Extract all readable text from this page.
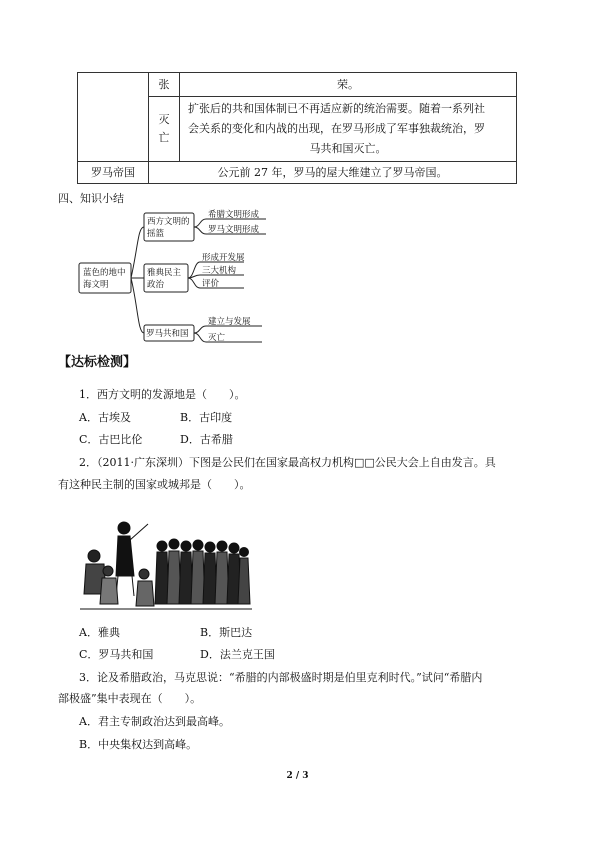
	张	荣。
	灭亡	扩张后的共和国体制已不再适应新的统治需要。随着一系列社
会关系的变化和内战的出现，在罗马形成了军事独裁统治，罗
马共和国灭亡。

罗马帝国	公元前 27 年，罗马的屋大维建立了罗马帝国。	
四、知识小结
蓝色的地中
海文明
西方文明的
摇篮
雅典民主
政治
罗马共和国
希腊文明形成
罗马文明形成
形成开发展
三大机构
评价
建立与发展
灭亡
【达标检测】
1．西方文明的发源地是（　　）。
A．古埃及	B．古印度
C．古巴比伦	D．古希腊
2．（2011·广东深圳）下图是公民们在国家最高权力机构□□公民大会上自由发言。具
有这种民主制的国家或城邦是（　　）。
A．雅典	B．斯巴达
C．罗马共和国	D．法兰克王国
3．论及希腊政治，马克思说：“希腊的内部极盛时期是伯里克利时代。”试问“希腊内
部极盛”集中表现在（　　）。
A．君主专制政治达到最高峰。
B．中央集权达到高峰。
2 / 3
